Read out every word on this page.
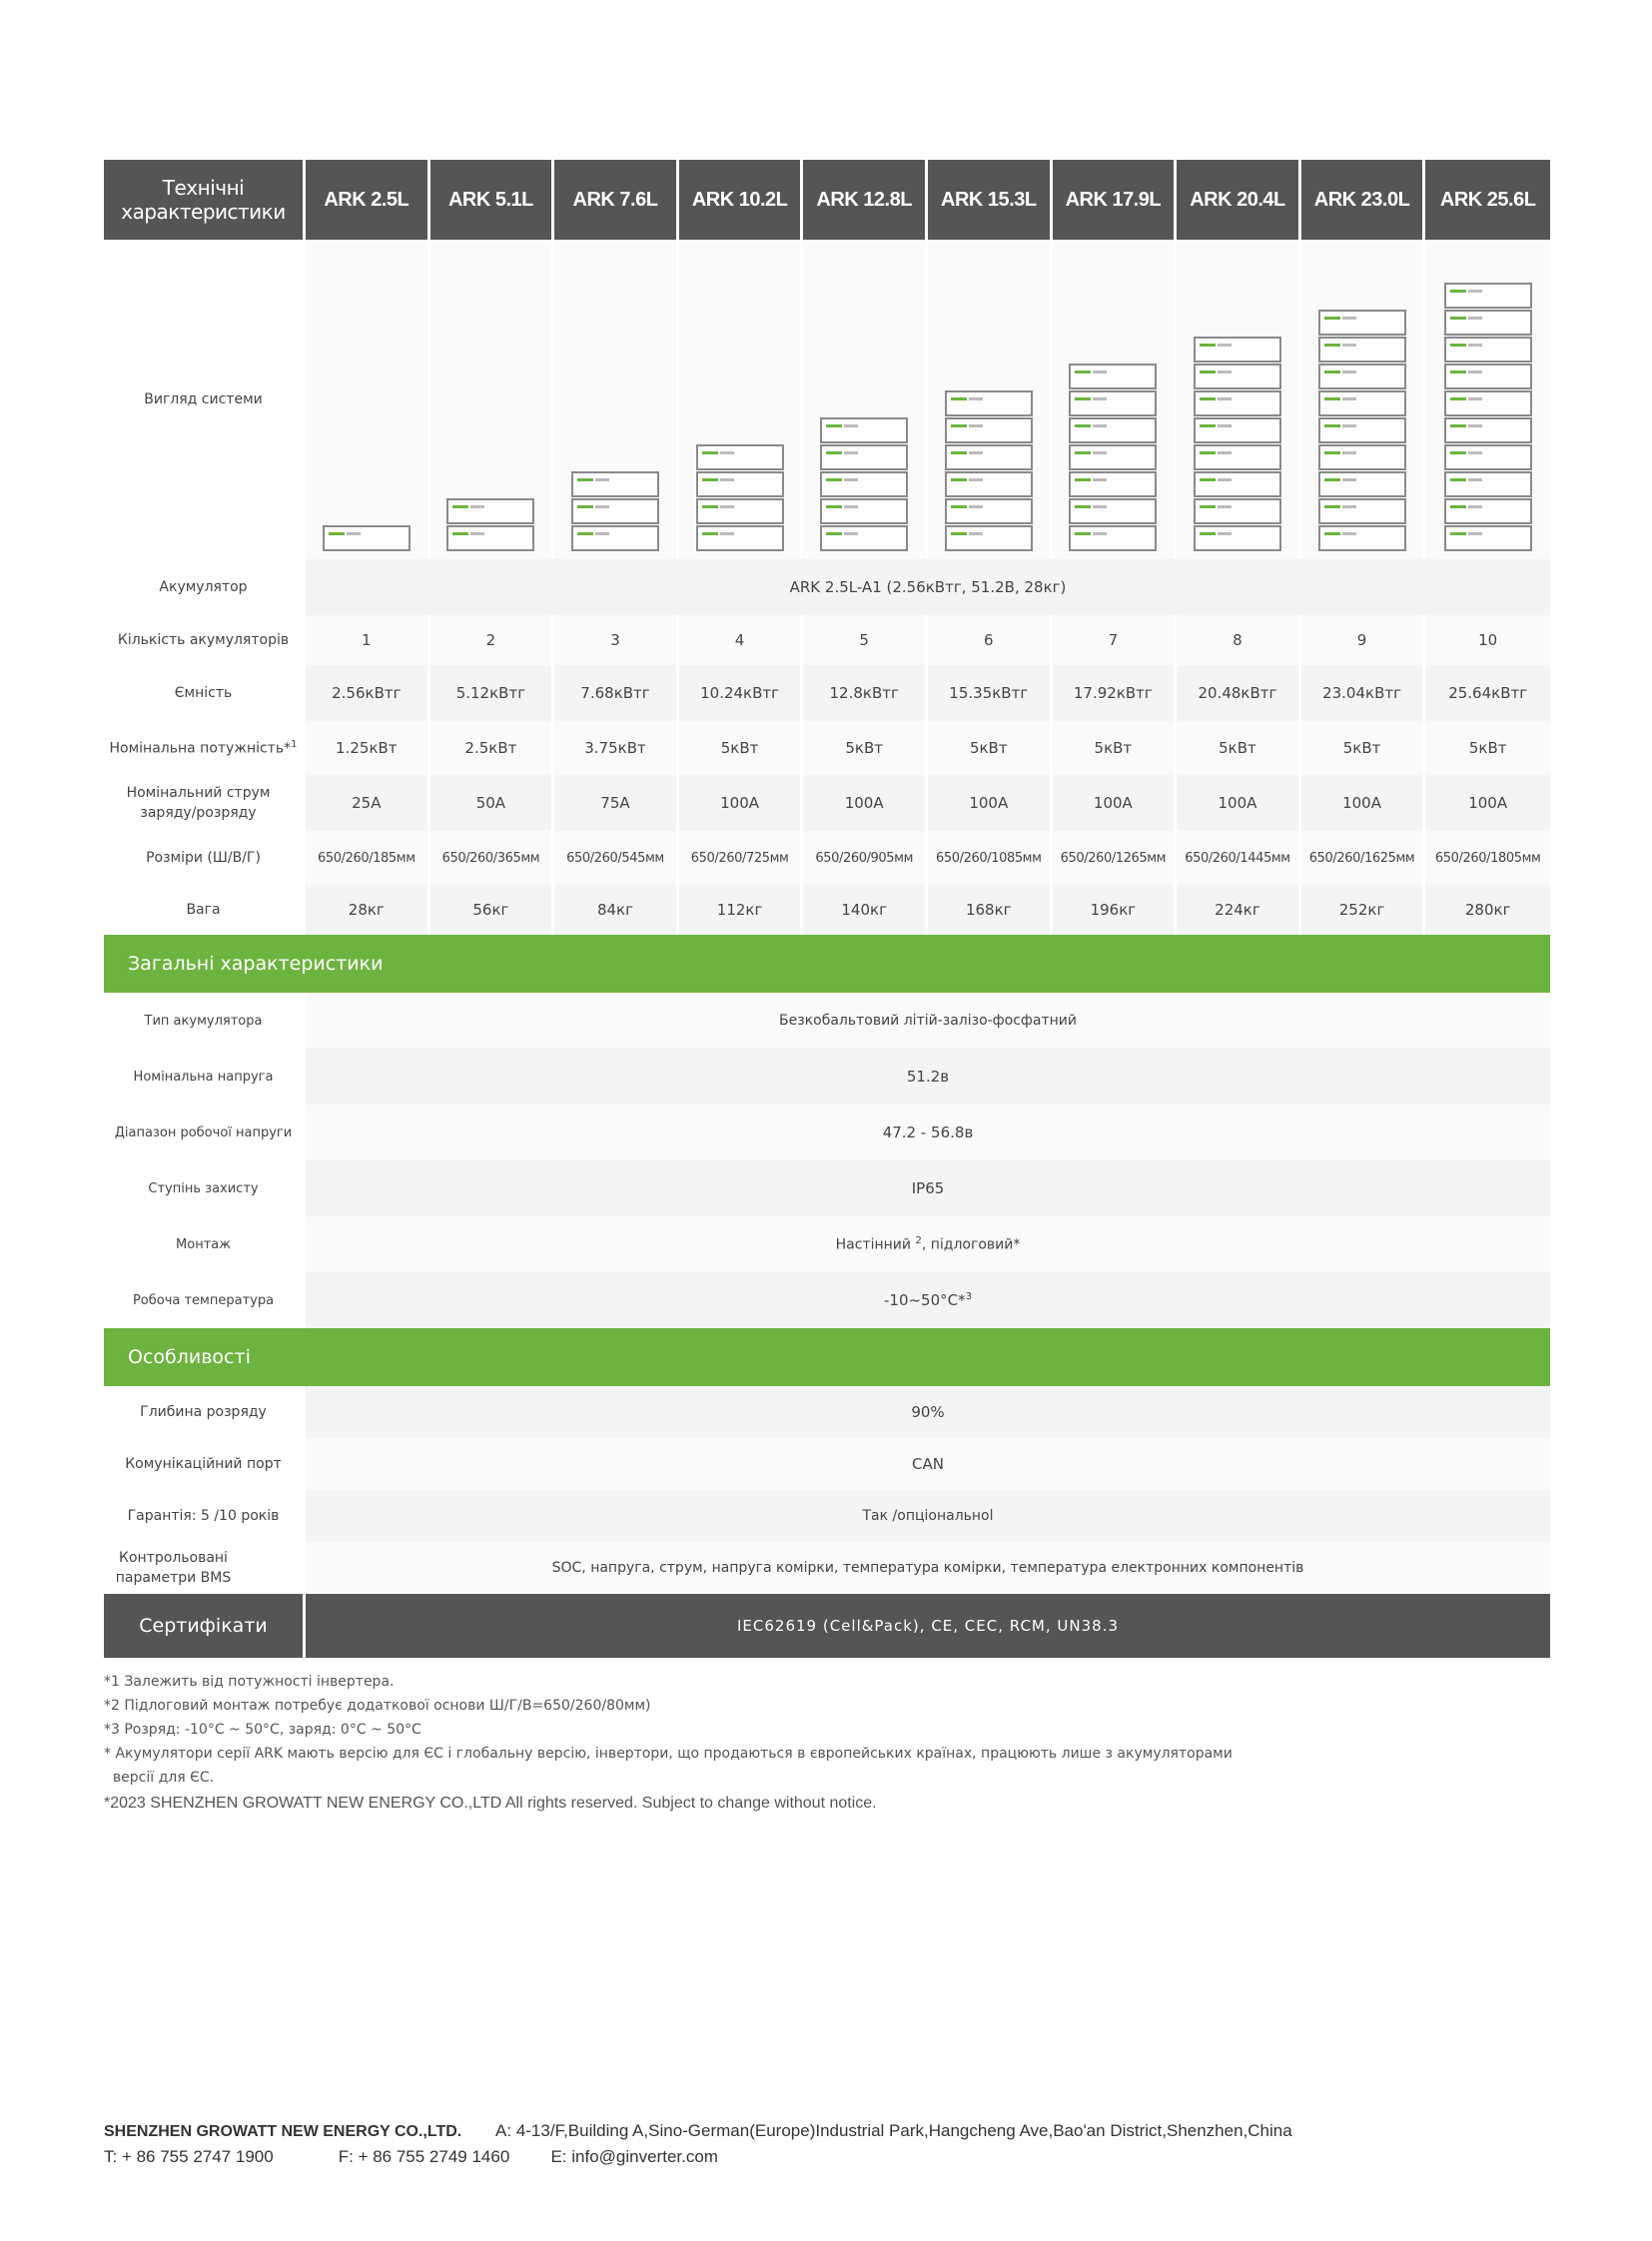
Технічні характеристики	ARK 2.5L	ARK 5.1L	ARK 7.6L	ARK 10.2L	ARK 12.8L	ARK 15.3L	ARK 17.9L	ARK 20.4L	ARK 23.0L	ARK 25.6L
Вигляд системи	

Акумулятор	ARK 2.5L-A1 (2.56кВтг, 51.2В, 28кг)									
Кількість акумуляторів	1	2	3	4	5	6	7	8	9	10
Ємність	2.56кВтг	5.12кВтг	7.68кВтг	10.24кВтг	12.8кВтг	15.35кВтг	17.92кВтг	20.48кВтг	23.04кВтг	25.64кВтг
Номінальна потужність*$^1$	1.25кВт	2.5кВт	3.75кВт	5кВт	5кВт	5кВт	5кВт	5кВт	5кВт	5кВт
Номінальний струм заряду/розряду	25A	50A	75A	100A	100A	100A	100A	100A	100A	100A
Розміри (Ш/В/Г)	650/260/185мм	650/260/365мм	650/260/545мм	650/260/725мм	650/260/905мм	650/260/1085мм	650/260/1265мм	650/260/1445мм	650/260/1625мм	650/260/1805мм
Вага	28кг	56кг	84кг	112кг	140кг	168кг	196кг	224кг	252кг	280кг
Загальні характеристики										
Тип акумулятора	Безкобальтовий літій-залізо-фосфатний									
Номінальна напруга	51.2в									
Діапазон робочої напруги	47.2 - 56.8в									
Ступінь захисту	IP65									
Монтаж	Настінний $^2$, підлоговий*									
Робоча температура	-10~50°C*$^3$
Особливості										
Глибина розряду	90%									
Комунікаційний порт	CAN									
Гарантія: 5 /10 років	Так /опціональноl									
Контрольовані параметри BMS	SOC, напруга, струм, напруга комірки, температура комірки, температура електронних компонентів									
Сертифікати	IEC62619 (Cell&Pack), CE, CEC, RCM, UN38.3									
*1 Залежить від потужності інвертера.
*2 Підлоговий монтаж потребує додаткової основи Ш/Г/В=650/260/80мм)
*3 Розряд: -10°C ~ 50°C, заряд: 0°C ~ 50°C
* Акумулятори серії ARK мають версію для ЄС і глобальну версію, інвертори, що продаються в європейських країнах, працюють лише з акумуляторами
версії для ЄС.
*2023 SHENZHEN GROWATT NEW ENERGY CO.,LTD All rights reserved. Subject to change without notice.
SHENZHEN GROWATT NEW ENERGY CO.,LTD. A: 4-13/F,Building A,Sino-German(Europe)Industrial Park,Hangcheng Ave,Bao'an District,Shenzhen,China
T: + 86 755 2747 1900	F: + 86 755 2749 1460 E: info@ginverter.com
